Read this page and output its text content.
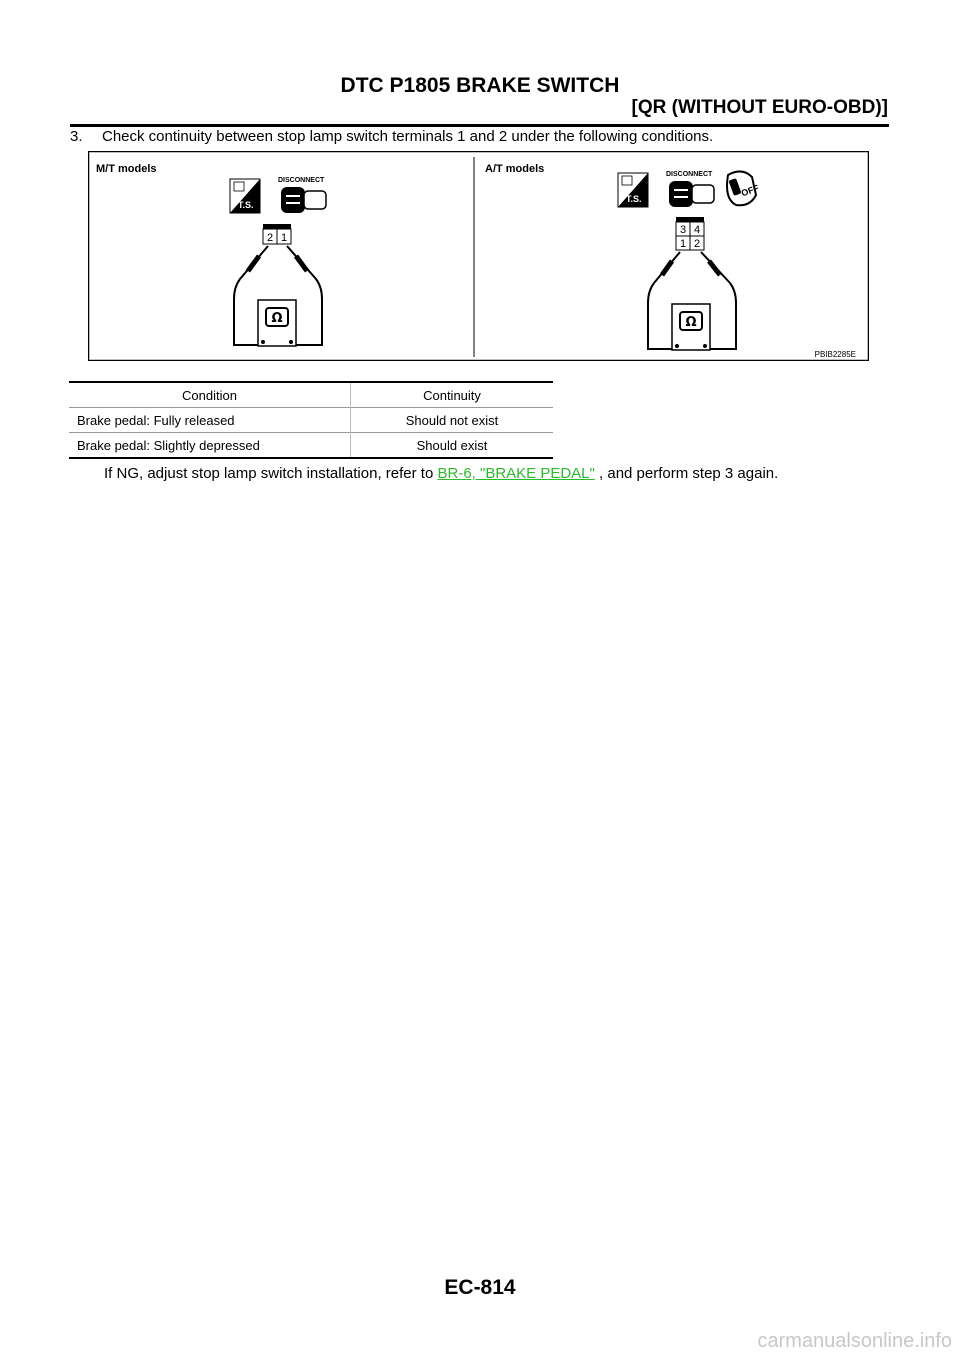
DTC P1805 BRAKE SWITCH
[QR (WITHOUT EURO-OBD)]
3. Check continuity between stop lamp switch terminals 1 and 2 under the following conditions.
M/T models	A/T models
T.S.
DISCONNECT
2 1
Ω
T.S.
DISCONNECT
OFF
3 4
1 2
Ω
PBIB2285E
Condition	Continuity
Brake pedal: Fully released	Should not exist
Brake pedal: Slightly depressed	Should exist
If NG, adjust stop lamp switch installation, refer to BR-6, "BRAKE PEDAL" , and perform step 3 again.
EC-814
carmanualsonline.info
